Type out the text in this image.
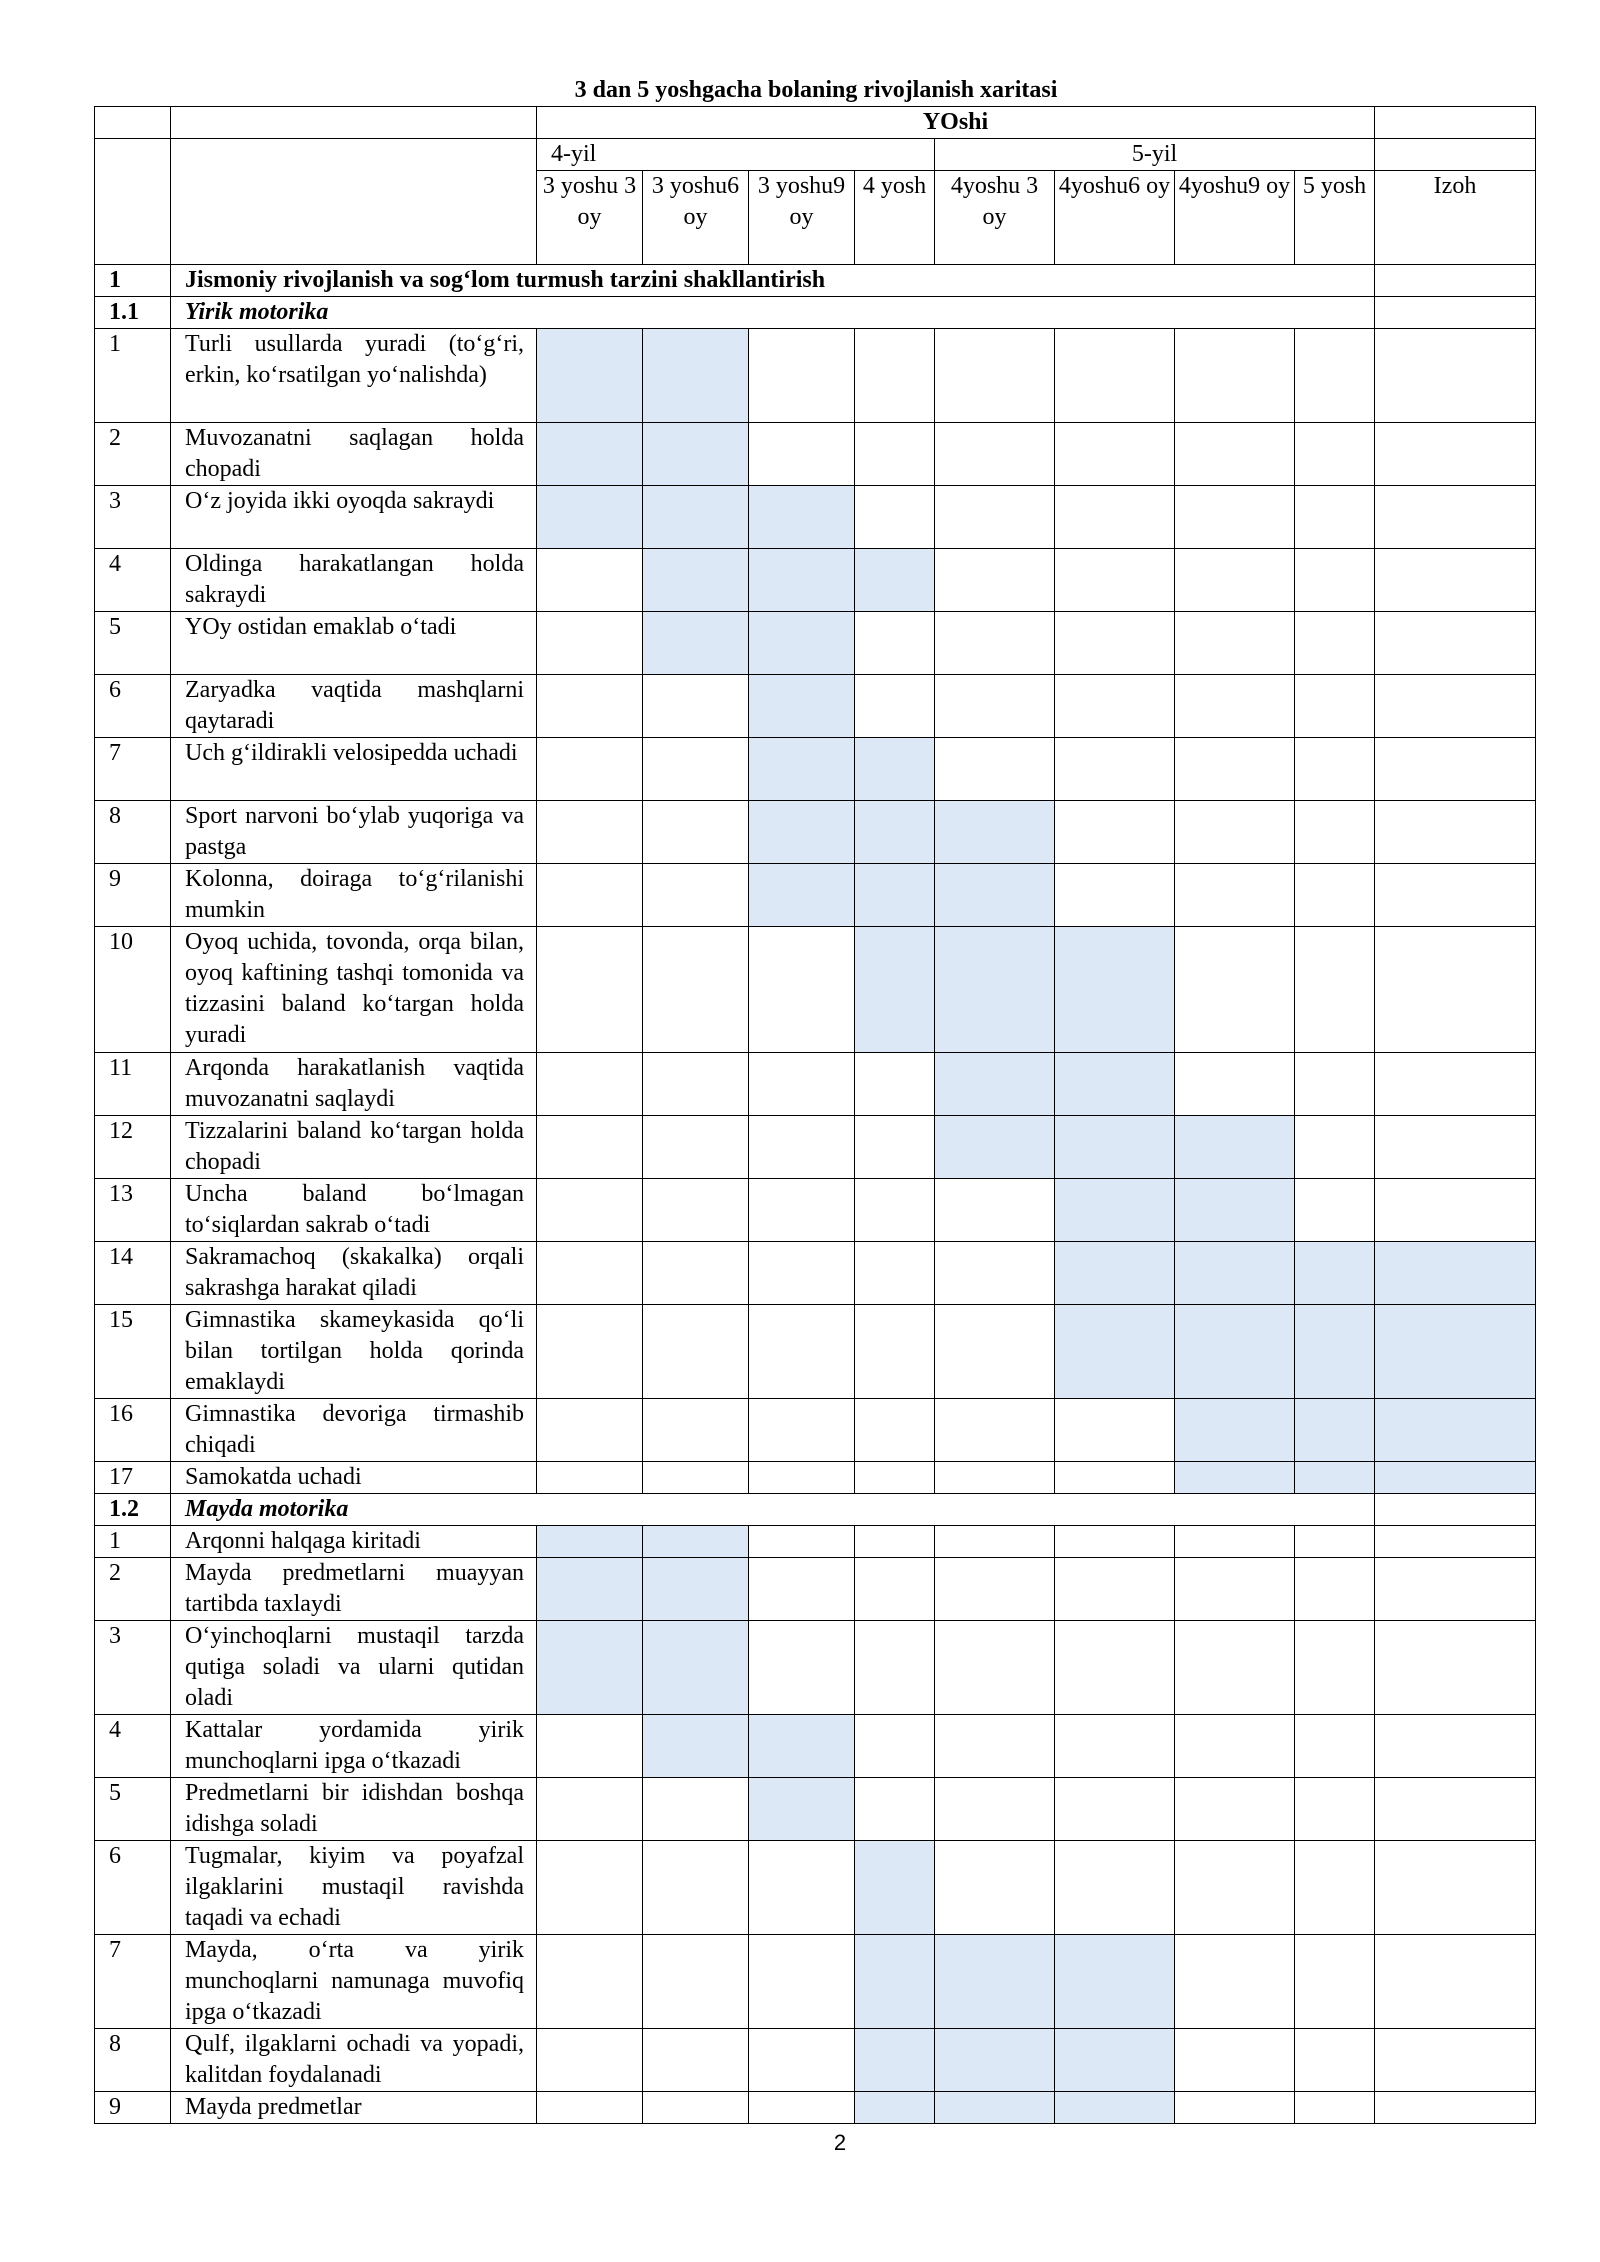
3 dan 5 yoshgacha bolaning rivojlanish xaritasi
		YOshi								
		4-yil				5-yil				
		3 yoshu 3 oy	3 yoshu6 oy	3 yoshu9 oy	4 yosh	4yoshu 3 oy	4yoshu6 oy	4yoshu9 oy	5 yosh	Izoh
1	Jismoniy rivojlanish va sog‘lom turmush tarzini shakllantirish									
1.1	Yirik motorika									
1	Turli usullarda yuradi (to‘g‘ri, erkin, ko‘rsatilgan yo‘nalishda)									
2	Muvozanatni saqlagan holda chopadi									
3	O‘z joyida ikki oyoqda sakraydi									
4	Oldinga harakatlangan holda sakraydi									
5	YOy ostidan emaklab o‘tadi									
6	Zaryadka vaqtida mashqlarni qaytaradi									
7	Uch g‘ildirakli velosipedda uchadi									
8	Sport narvoni bo‘ylab yuqoriga va pastga									
9	Kolonna, doiraga to‘g‘rilanishi mumkin									
10	Oyoq uchida, tovonda, orqa bilan, oyoq kaftining tashqi tomonida va tizzasini baland ko‘targan holda yuradi									
11	Arqonda harakatlanish vaqtida muvozanatni saqlaydi									
12	Tizzalarini baland ko‘targan holda chopadi									
13	Uncha baland bo‘lmagan to‘siqlardan sakrab o‘tadi									
14	Sakramachoq (skakalka) orqali sakrashga harakat qiladi									
15	Gimnastika skameykasida qo‘li bilan tortilgan holda qorinda emaklaydi									
16	Gimnastika devoriga tirmashib chiqadi									
17	Samokatda uchadi									
1.2	Mayda motorika									
1	Arqonni halqaga kiritadi									
2	Mayda predmetlarni muayyan tartibda taxlaydi									
3	O‘yinchoqlarni mustaqil tarzda qutiga soladi va ularni qutidan oladi									
4	Kattalar yordamida yirik munchoqlarni ipga o‘tkazadi									
5	Predmetlarni bir idishdan boshqa idishga soladi									
6	Tugmalar, kiyim va poyafzal ilgaklarini mustaqil ravishda taqadi va echadi									
7	Mayda, o‘rta va yirik munchoqlarni namunaga muvofiq ipga o‘tkazadi									
8	Qulf, ilgaklarni ochadi va yopadi, kalitdan foydalanadi									
9	Mayda predmetlar									
2
